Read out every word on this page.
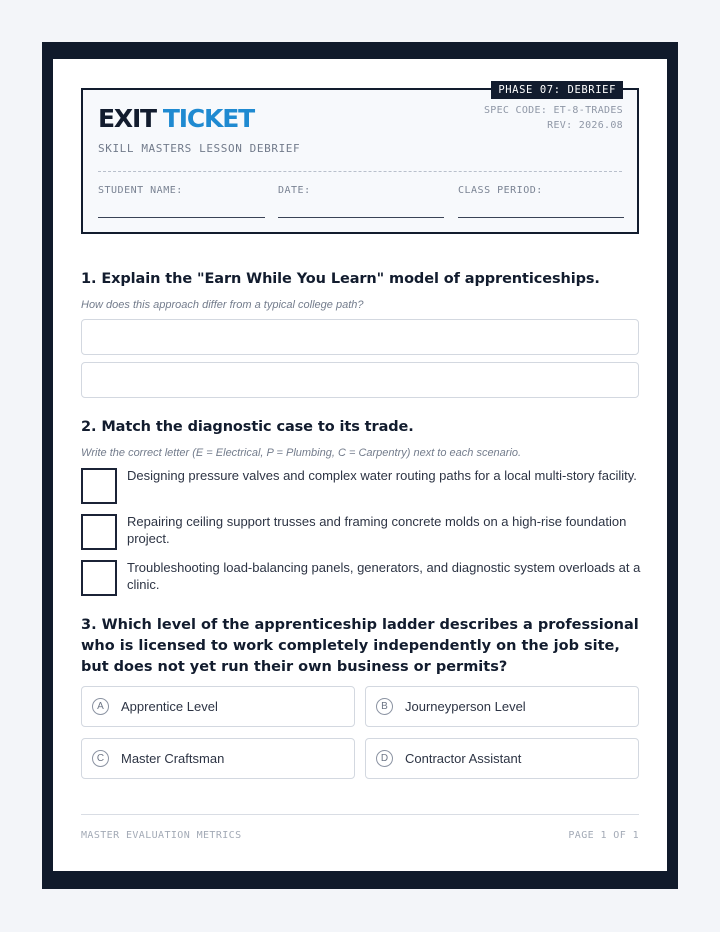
PHASE 07: DEBRIEF
SPEC CODE: ET-8-TRADES
REV: 2026.08
EXIT TICKET
SKILL MASTERS LESSON DEBRIEF
STUDENT NAME:	DATE:	CLASS PERIOD:
1. Explain the "Earn While You Learn" model of apprenticeships.
How does this approach differ from a typical college path?
2. Match the diagnostic case to its trade.
Write the correct letter (E = Electrical, P = Plumbing, C = Carpentry) next to each scenario.
Designing pressure valves and complex water routing paths for a local multi-story facility.
Repairing ceiling support trusses and framing concrete molds on a high-rise foundation project.
Troubleshooting load-balancing panels, generators, and diagnostic system overloads at a clinic.
3. Which level of the apprenticeship ladder describes a professional who is licensed to work completely independently on the job site, but does not yet run their own business or permits?
A	Apprentice Level	B	Journeyperson Level
C	Master Craftsman	D	Contractor Assistant
MASTER EVALUATION METRICS	PAGE 1 OF 1
